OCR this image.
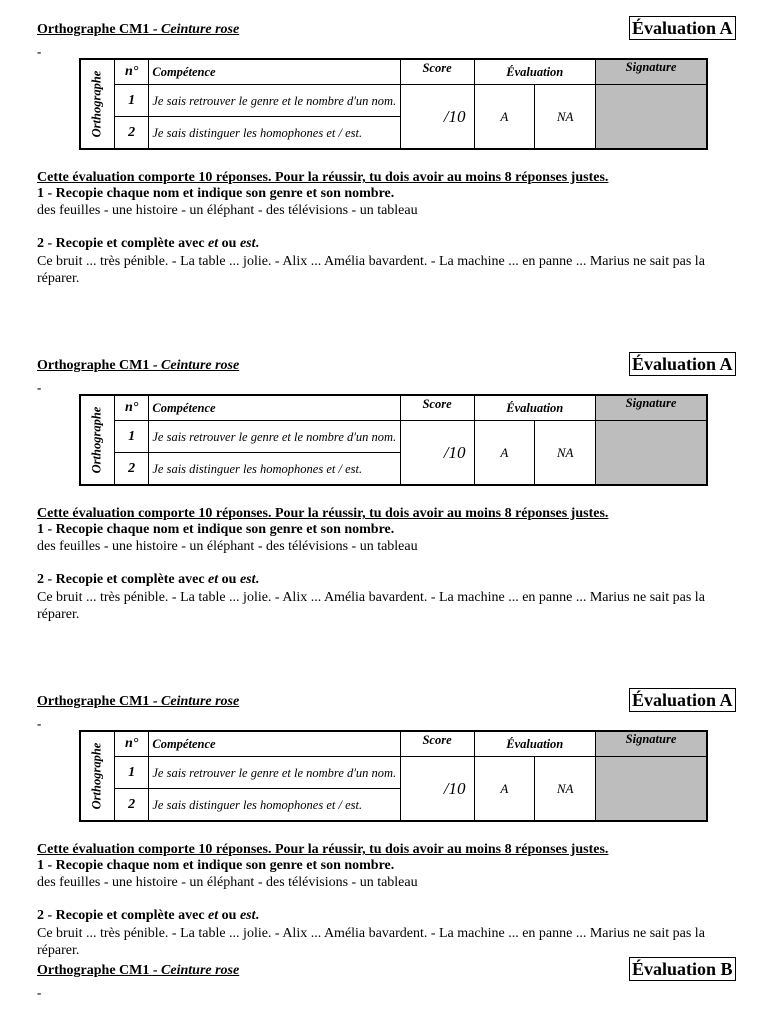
Orthographe CM1 - Ceinture rose	Évaluation A
-
Orthographe	n°	Compétence	Score	Évaluation		Signature
	1	Je sais retrouver le genre et le nombre d'un nom.	/10	A	NA	
	2	Je sais distinguer les homophones et / est.				
Cette évaluation comporte 10 réponses. Pour la réussir, tu dois avoir au moins 8 réponses justes.
1 - Recopie chaque nom et indique son genre et son nombre.
des feuilles - une histoire - un éléphant - des télévisions - un tableau
2 - Recopie et complète avec et ou est.
Ce bruit ... très pénible. - La table ... jolie. - Alix ... Amélia bavardent. - La machine ... en panne ... Marius ne sait pas la réparer.
Orthographe CM1 - Ceinture rose	Évaluation A
-
Orthographe	n°	Compétence	Score	Évaluation		Signature
	1	Je sais retrouver le genre et le nombre d'un nom.	/10	A	NA	
	2	Je sais distinguer les homophones et / est.				
Cette évaluation comporte 10 réponses. Pour la réussir, tu dois avoir au moins 8 réponses justes.
1 - Recopie chaque nom et indique son genre et son nombre.
des feuilles - une histoire - un éléphant - des télévisions - un tableau
2 - Recopie et complète avec et ou est.
Ce bruit ... très pénible. - La table ... jolie. - Alix ... Amélia bavardent. - La machine ... en panne ... Marius ne sait pas la réparer.
Orthographe CM1 - Ceinture rose	Évaluation A
-
Orthographe	n°	Compétence	Score	Évaluation		Signature
	1	Je sais retrouver le genre et le nombre d'un nom.	/10	A	NA	
	2	Je sais distinguer les homophones et / est.				
Cette évaluation comporte 10 réponses. Pour la réussir, tu dois avoir au moins 8 réponses justes.
1 - Recopie chaque nom et indique son genre et son nombre.
des feuilles - une histoire - un éléphant - des télévisions - un tableau
2 - Recopie et complète avec et ou est.
Ce bruit ... très pénible. - La table ... jolie. - Alix ... Amélia bavardent. - La machine ... en panne ... Marius ne sait pas la réparer.
Orthographe CM1 - Ceinture rose	Évaluation B
-
